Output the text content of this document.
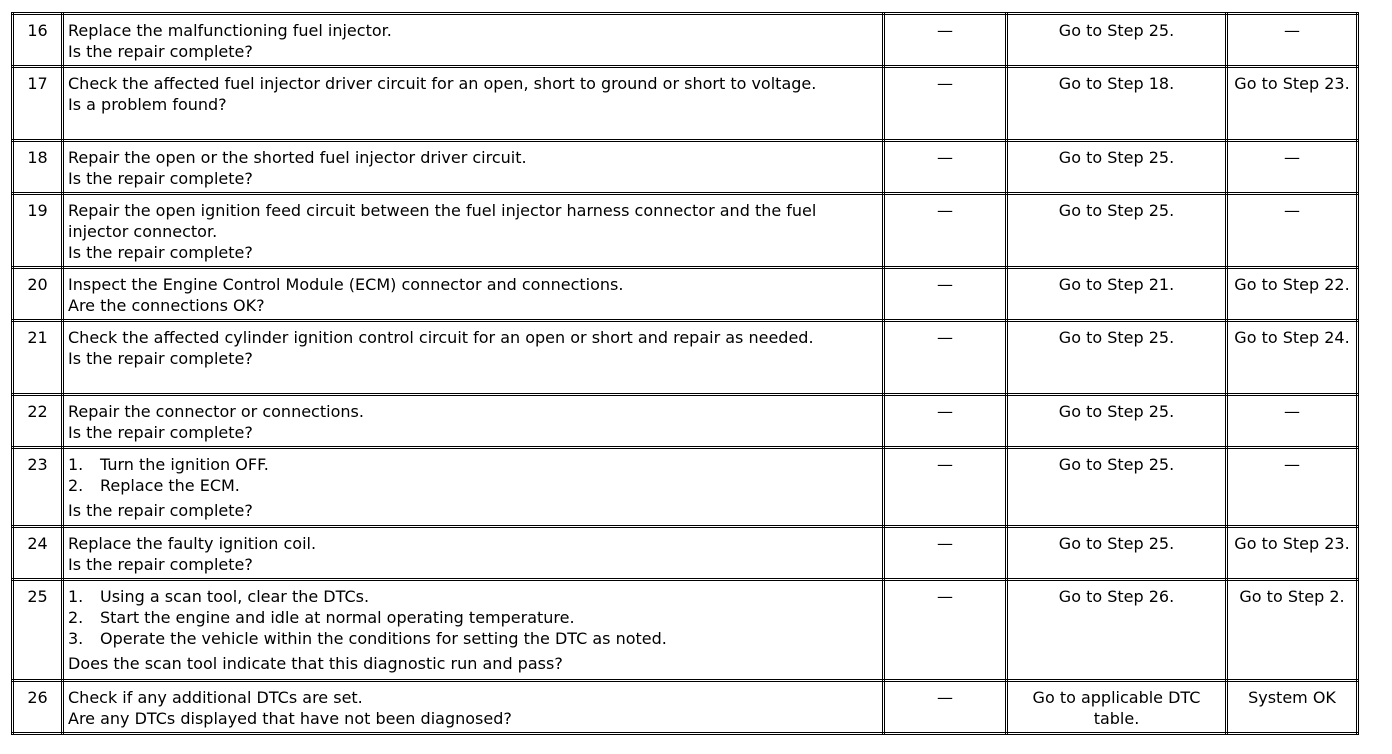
16	Replace the malfunctioning fuel injector.
Is the repair complete?	—	Go to Step 25.	—
17	Check the affected fuel injector driver circuit for an open, short to ground or short to voltage.
Is a problem found?	—	Go to Step 18.	Go to Step 23.
18	Repair the open or the shorted fuel injector driver circuit.
Is the repair complete?	—	Go to Step 25.	—
19	Repair the open ignition feed circuit between the fuel injector harness connector and the fuel injector connector.
Is the repair complete?	—	Go to Step 25.	—
20	Inspect the Engine Control Module (ECM) connector and connections.
Are the connections OK?	—	Go to Step 21.	Go to Step 22.
21	Check the affected cylinder ignition control circuit for an open or short and repair as needed.
Is the repair complete?	—	Go to Step 25.	Go to Step 24.
22	Repair the connector or connections.
Is the repair complete?	—	Go to Step 25.	—
23	1. Turn the ignition OFF.
2. Replace the ECM.
Is the repair complete?	—	Go to Step 25.	—
24	Replace the faulty ignition coil.
Is the repair complete?	—	Go to Step 25.	Go to Step 23.
25	1. Using a scan tool, clear the DTCs.
2. Start the engine and idle at normal operating temperature.
3. Operate the vehicle within the conditions for setting the DTC as noted.
Does the scan tool indicate that this diagnostic run and pass?	—	Go to Step 26.	Go to Step 2.
26	Check if any additional DTCs are set.
Are any DTCs displayed that have not been diagnosed?	—	Go to applicable DTC table.	System OK
